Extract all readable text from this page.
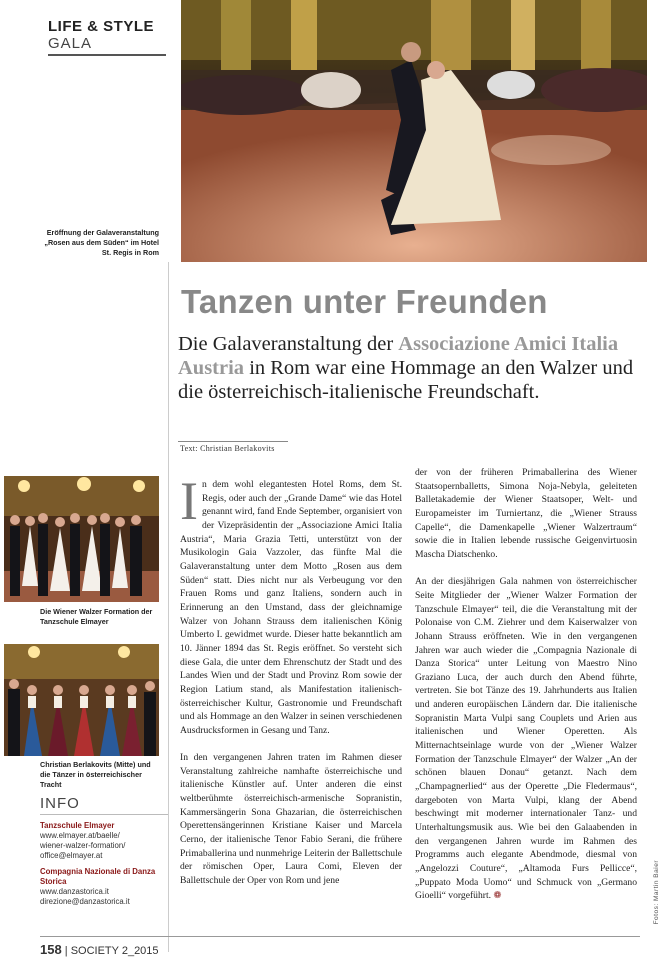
LIFE & STYLE
GALA
Eröffnung der Galaveranstaltung „Rosen aus dem Süden“ im Hotel St. Regis in Rom
Tanzen unter Freunden
Die Galaveranstaltung der Associazione Amici Italia Austria in Rom war eine Hommage an den Walzer und die österreichisch-italienische Freundschaft.
Text: Christian Berlakovits
Die Wiener Walzer Formation der Tanzschule Elmayer
Christian Berlakovits (Mitte) und die Tänzer in österreichischer Tracht
INFO
Tanzschule Elmayer
www.elmayer.at/baelle/
wiener-walzer-formation/
office@elmayer.at
Compagnia Nazionale di Danza Storica
www.danzastorica.it
direzione@danzastorica.it

In dem wohl elegantesten Hotel Roms, dem St. Regis, oder auch der „Grande Dame“ wie das Hotel genannt wird, fand Ende September, organisiert von der Vizepräsidentin der „Associazione Amici Italia Austria“, Maria Grazia Tetti, unterstützt von der Musikologin Gaia Vazzoler, das fünfte Mal die Galaveranstaltung unter dem Motto „Rosen aus dem Süden“ statt. Dies nicht nur als Verbeugung vor den Frauen Roms und ganz Italiens, sondern auch in Erinnerung an den Umstand, dass der gleichnamige Walzer von Johann Strauss dem italienischen König Umberto I. gewidmet wurde. Dieser hatte bekanntlich am 10. Jänner 1894 das St. Regis eröffnet. So versteht sich diese Gala, die unter dem Ehrenschutz der Stadt und des Landes Wien und der Stadt und Provinz Rom sowie der Region Latium stand, als Manifestation italienisch-österreichischer Kultur, Gastronomie und Freundschaft und als Hommage an den Walzer in seinen verschiedenen Ausdrucksformen in Gesang und Tanz.

In den vergangenen Jahren traten im Rahmen dieser Veranstaltung zahlreiche namhafte österreichische und italienische Künstler auf. Unter anderen die einst weltberühmte österreichisch-armenische Sopranistin, Kammersängerin Sona Ghazarian, die österreichischen Operettensängerinnen Kristiane Kaiser und Marcela Cerno, der italienische Tenor Fabio Serani, die frühere Primaballerina und nunmehrige Leiterin der Ballettschule der römischen Oper, Laura Comi, Eleven der Ballettschule der Oper von Rom und jene

der von der früheren Primaballerina des Wiener Staatsopernballetts, Simona Noja-Nebyla, geleiteten Balletakademie der Wiener Staatsoper, Welt- und Europameister im Turniertanz, die „Wiener Strauss Capelle“, die Damenkapelle „Wiener Walzertraum“ sowie die in Italien lebende russische Geigenvirtuosin Mascha Diatschenko.

An der diesjährigen Gala nahmen von österreichischer Seite Mitglieder der „Wiener Walzer Formation der Tanzschule Elmayer“ teil, die die Veranstaltung mit der Polonaise von C.M. Ziehrer und dem Kaiserwalzer von Johann Strauss eröffneten. Wie in den vergangenen Jahren war auch wieder die „Compagnia Nazionale di Danza Storica“ unter Leitung von Maestro Nino Graziano Luca, der auch durch den Abend führte, vertreten. Sie bot Tänze des 19. Jahrhunderts aus Italien und anderen europäischen Ländern dar. Die italienische Sopranistin Marta Vulpi sang Couplets und Arien aus italienischen und Wiener Operetten. Als Mitternachtseinlage wurde von der „Wiener Walzer Formation der Tanzschule Elmayer“ der Walzer „An der schönen blauen Donau“ getanzt. Nach dem „Champagnerlied“ aus der Operette „Die Fledermaus“, dargeboten von Marta Vulpi, klang der Abend beschwingt mit moderner internationaler Tanz- und Unterhaltungsmusik aus. Wie bei den Galaabenden in den vergangenen Jahren wurde im Rahmen des Programms auch elegante Abendmode, diesmal von „Angelozzi Couture“, „Altamoda Furs Pellicce“, „Puppato Moda Uomo“ und Schmuck von „Germano Gioelli“ vorgeführt. ❁

158 | SOCIETY 2_2015
Fotos: Martin Baier
